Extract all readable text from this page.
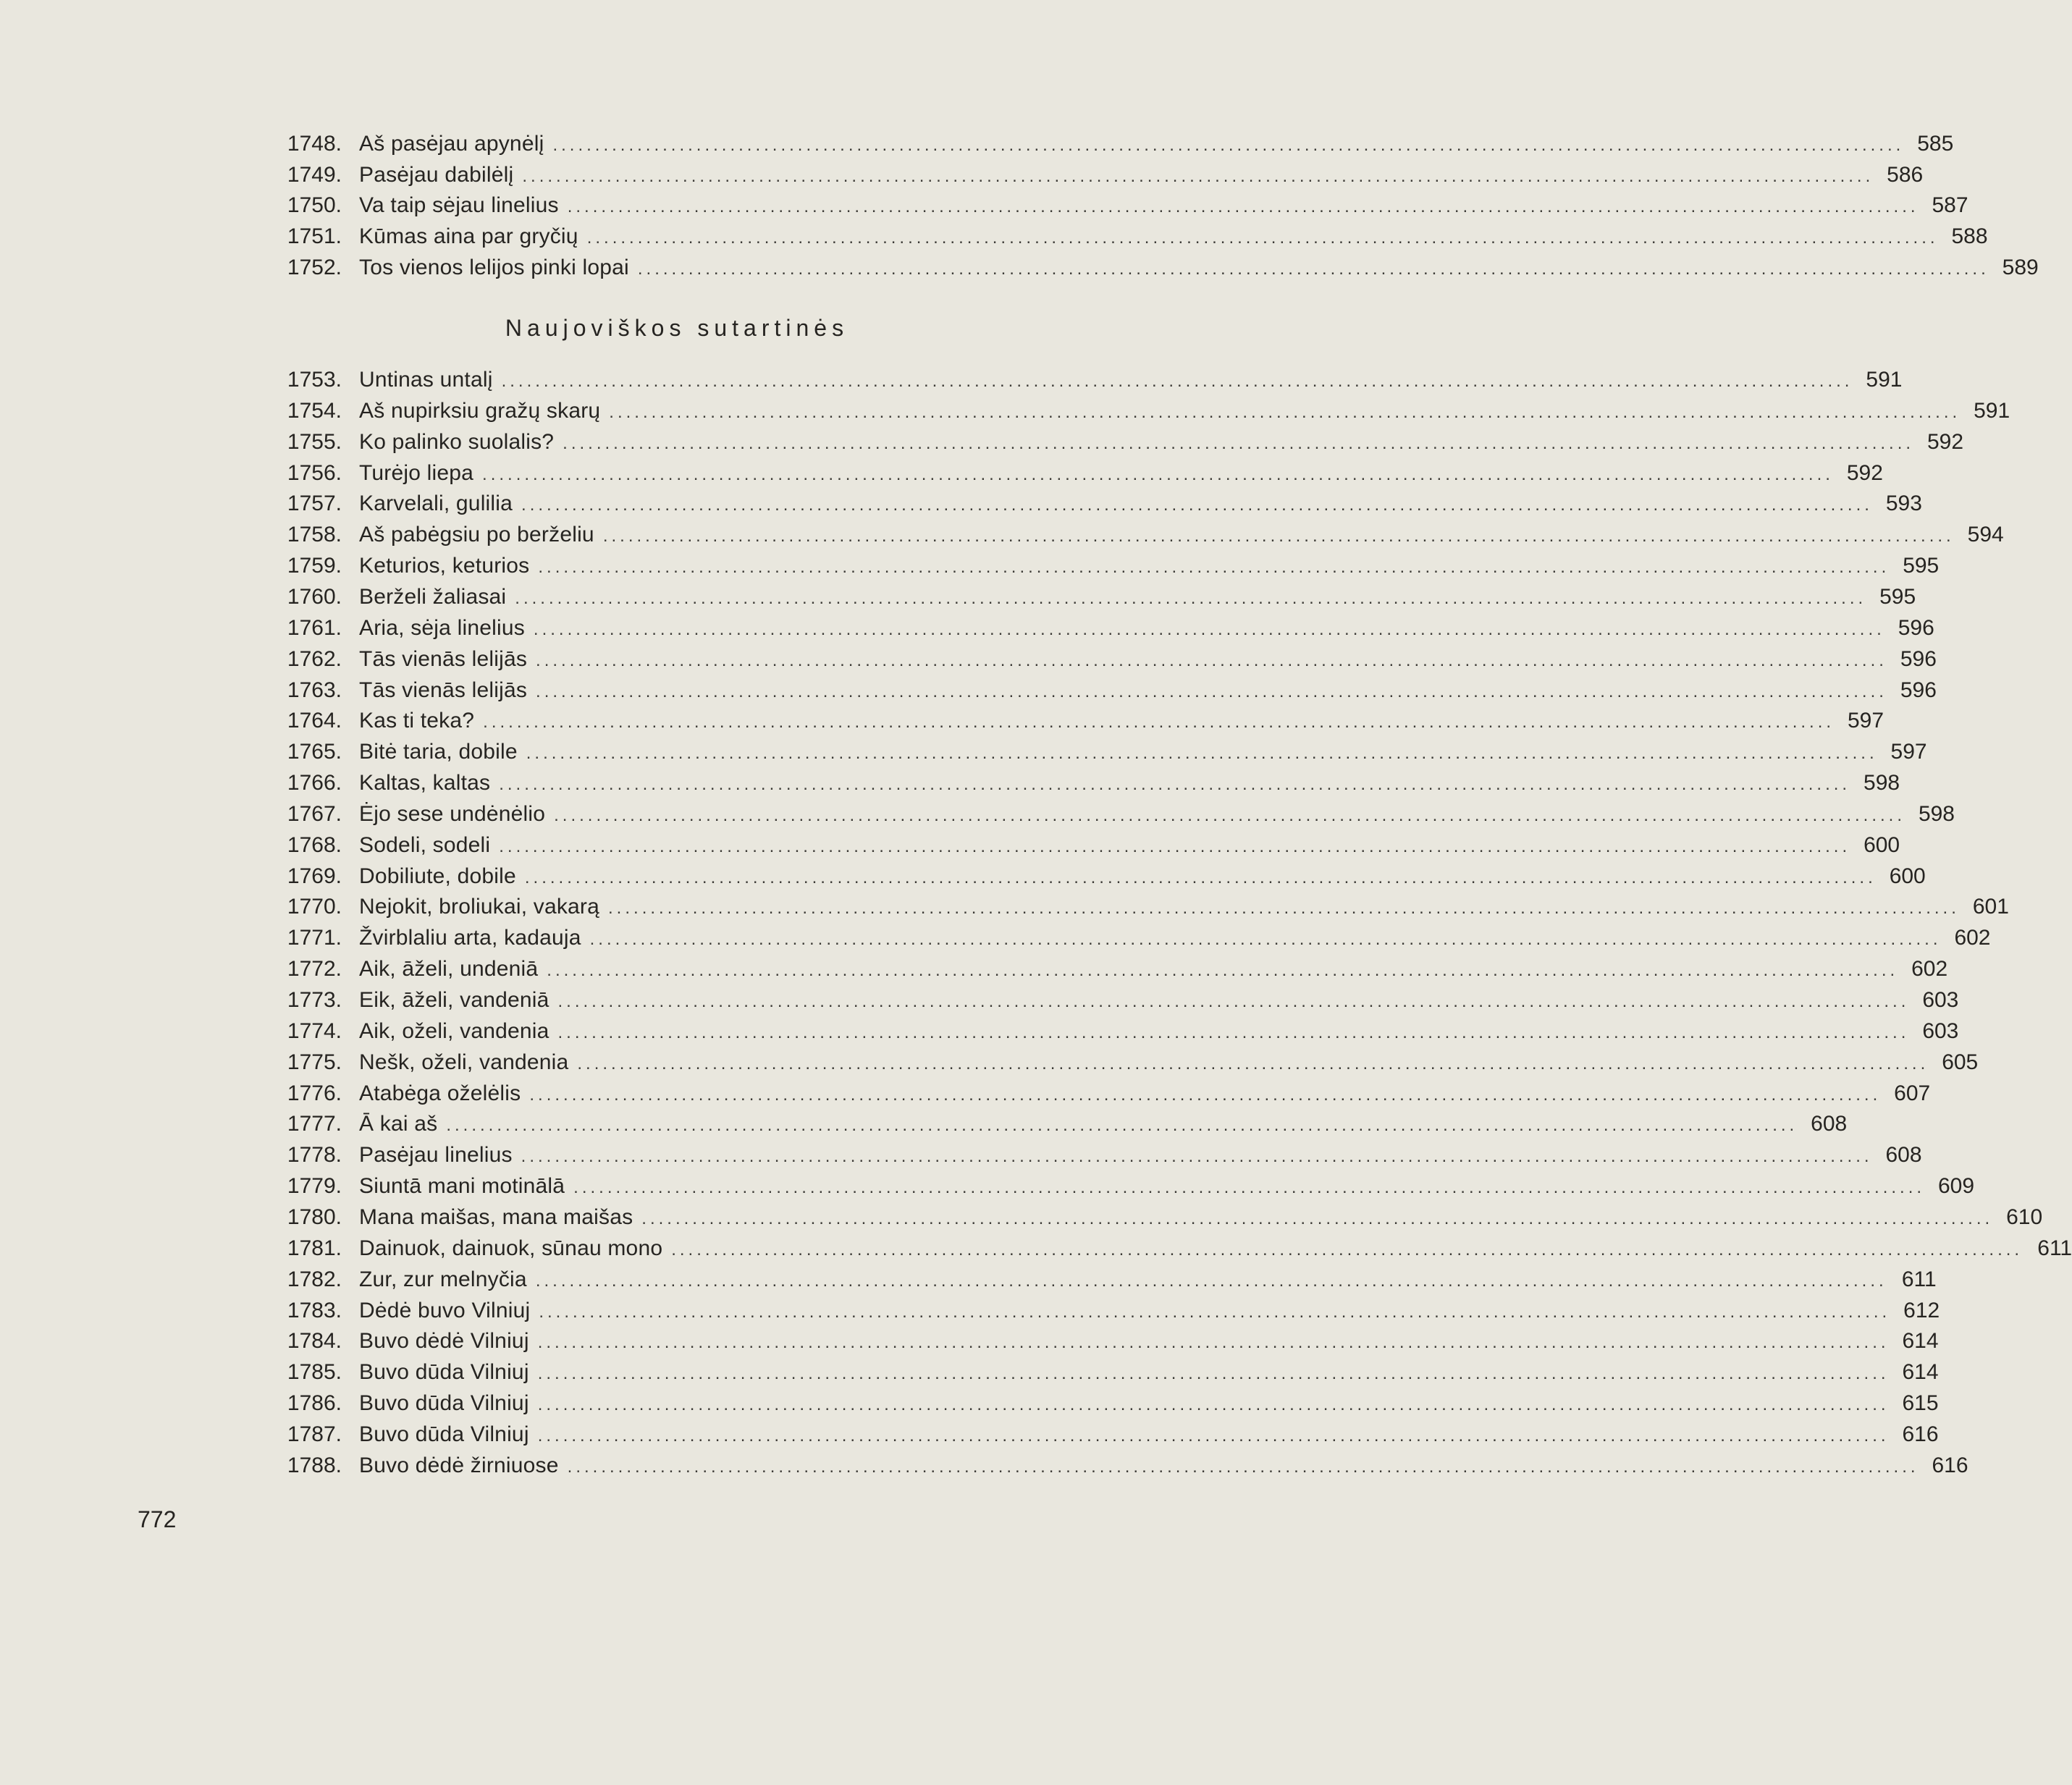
1748. Aš pasėjau apynėlį ................................................................................................................................................................ 585
1749. Pasėjau dabilėlį ................................................................................................................................................................ 586
1750. Va taip sėjau linelius ................................................................................................................................................................ 587
1751. Kūmas aina par gryčių ................................................................................................................................................................ 588
1752. Tos vienos lelijos pinki lopai ................................................................................................................................................................ 589
Naujoviškos sutartinės
1753. Untinas untalį ................................................................................................................................................................ 591
1754. Aš nupirksiu gražų skarų ................................................................................................................................................................ 591
1755. Ko palinko suolalis? ................................................................................................................................................................ 592
1756. Turėjo liepa ................................................................................................................................................................ 592
1757. Karvelali, gulilia ................................................................................................................................................................ 593
1758. Aš pabėgsiu po berželiu ................................................................................................................................................................ 594
1759. Keturios, keturios ................................................................................................................................................................ 595
1760. Berželi žaliasai ................................................................................................................................................................ 595
1761. Aria, sėja linelius ................................................................................................................................................................ 596
1762. Tās vienās lelijās ................................................................................................................................................................ 596
1763. Tās vienās lelijās ................................................................................................................................................................ 596
1764. Kas ti teka? ................................................................................................................................................................ 597
1765. Bitė taria, dobile ................................................................................................................................................................ 597
1766. Kaltas, kaltas ................................................................................................................................................................ 598
1767. Ėjo sese undėnėlio ................................................................................................................................................................ 598
1768. Sodeli, sodeli ................................................................................................................................................................ 600
1769. Dobiliute, dobile ................................................................................................................................................................ 600
1770. Nejokit, broliukai, vakarą ................................................................................................................................................................ 601
1771. Žvirblaliu arta, kadauja ................................................................................................................................................................ 602
1772. Aik, āželi, undeniā ................................................................................................................................................................ 602
1773. Eik, āželi, vandeniā ................................................................................................................................................................ 603
1774. Aik, oželi, vandenia ................................................................................................................................................................ 603
1775. Nešk, oželi, vandenia ................................................................................................................................................................ 605
1776. Atabėga oželėlis ................................................................................................................................................................ 607
1777. Ā kai aš ................................................................................................................................................................ 608
1778. Pasėjau linelius ................................................................................................................................................................ 608
1779. Siuntā mani motinālā ................................................................................................................................................................ 609
1780. Mana maišas, mana maišas ................................................................................................................................................................ 610
1781. Dainuok, dainuok, sūnau mono ................................................................................................................................................................ 611
1782. Zur, zur melnyčia ................................................................................................................................................................ 611
1783. Dėdė buvo Vilniuj ................................................................................................................................................................ 612
1784. Buvo dėdė Vilniuj ................................................................................................................................................................ 614
1785. Buvo dūda Vilniuj ................................................................................................................................................................ 614
1786. Buvo dūda Vilniuj ................................................................................................................................................................ 615
1787. Buvo dūda Vilniuj ................................................................................................................................................................ 616
1788. Buvo dėdė žirniuose ................................................................................................................................................................ 616
772
